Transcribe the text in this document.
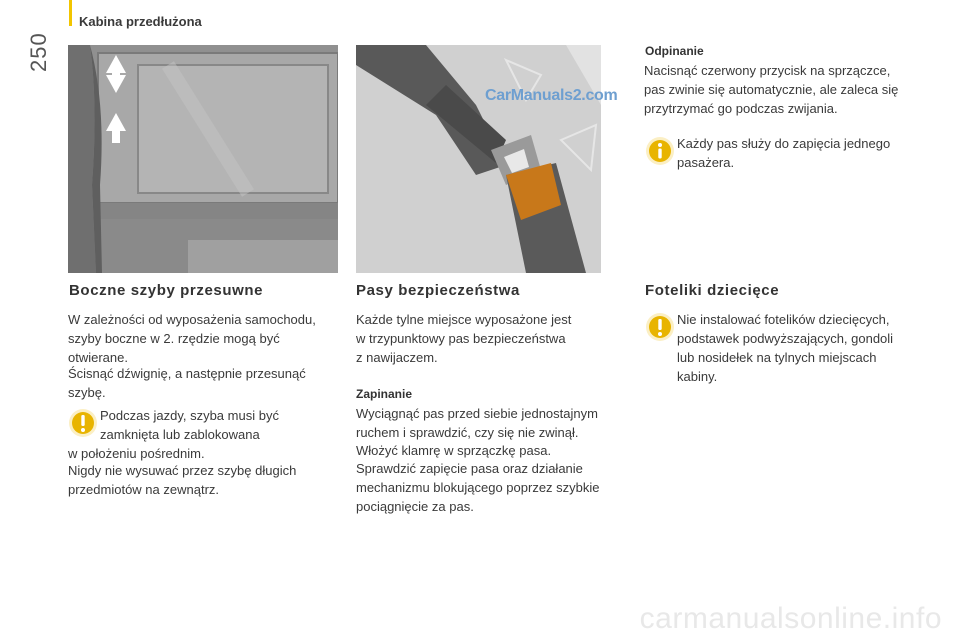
Kabina przedłużona
250
CarManuals2.com
Boczne szyby przesuwne

W zależności od wyposażenia samochodu,
szyby boczne w 2. rzędzie mogą być
otwierane.

Ścisnąć dźwignię, a następnie przesunąć
szybę.

Podczas jazdy, szyba musi być
zamknięta lub zablokowana
w położeniu pośrednim.

Nigdy nie wysuwać przez szybę długich
przedmiotów na zewnątrz.

Pasy bezpieczeństwa

Każde tylne miejsce wyposażone jest
w trzypunktowy pas bezpieczeństwa
z nawijaczem.

Zapinanie

Wyciągnąć pas przed siebie jednostajnym
ruchem i sprawdzić, czy się nie zwinął.

Włożyć klamrę w sprzączkę pasa.

Sprawdzić zapięcie pasa oraz działanie
mechanizmu blokującego poprzez szybkie
pociągnięcie za pas.

Odpinanie

Nacisnąć czerwony przycisk na sprzączce,
pas zwinie się automatycznie, ale zaleca się
przytrzymać go podczas zwijania.

Każdy pas służy do zapięcia jednego
pasażera.

Foteliki dziecięce

Nie instalować fotelików dziecięcych,
podstawek podwyższających, gondoli
lub nosidełek na tylnych miejscach
kabiny.

carmanualsonline.info
